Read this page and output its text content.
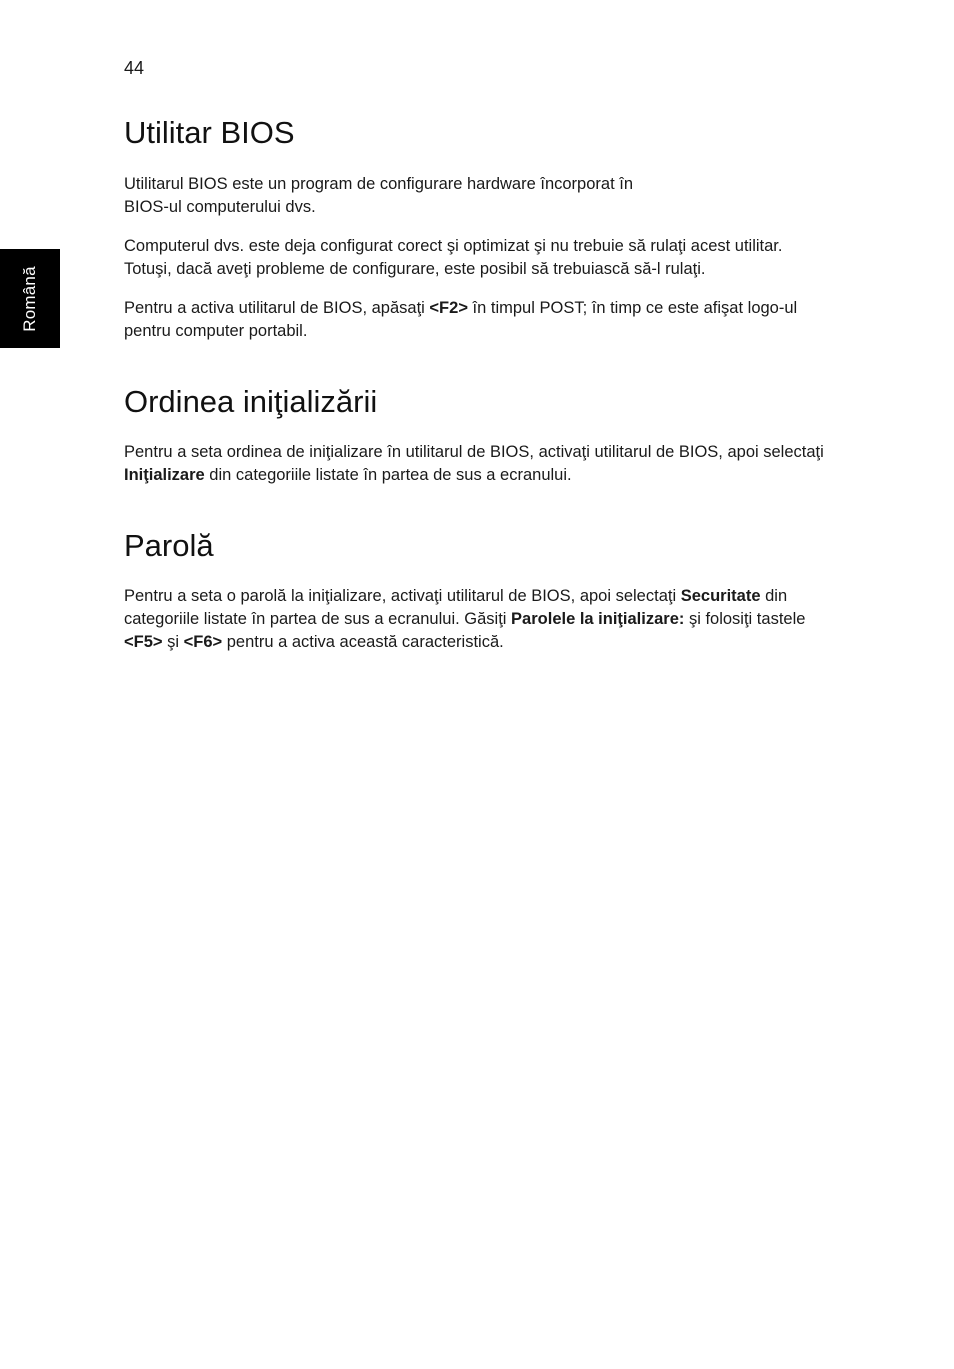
44
Română
Utilitar BIOS

Utilitarul BIOS este un program de configurare hardware încorporat în
BIOS-ul computerului dvs.

Computerul dvs. este deja configurat corect şi optimizat şi nu trebuie să rulaţi acest utilitar. Totuşi, dacă aveţi probleme de configurare, este posibil să trebuiască să-l rulaţi.

Pentru a activa utilitarul de BIOS, apăsaţi <F2> în timpul POST; în timp ce este afişat logo-ul pentru computer portabil.

Ordinea iniţializării

Pentru a seta ordinea de iniţializare în utilitarul de BIOS, activaţi utilitarul de BIOS, apoi selectaţi Iniţializare din categoriile listate în partea de sus a ecranului.

Parolă

Pentru a seta o parolă la iniţializare, activaţi utilitarul de BIOS, apoi selectaţi Securitate din categoriile listate în partea de sus a ecranului. Găsiţi Parolele la iniţializare: şi folosiţi tastele <F5> şi <F6> pentru a activa această caracteristică.
